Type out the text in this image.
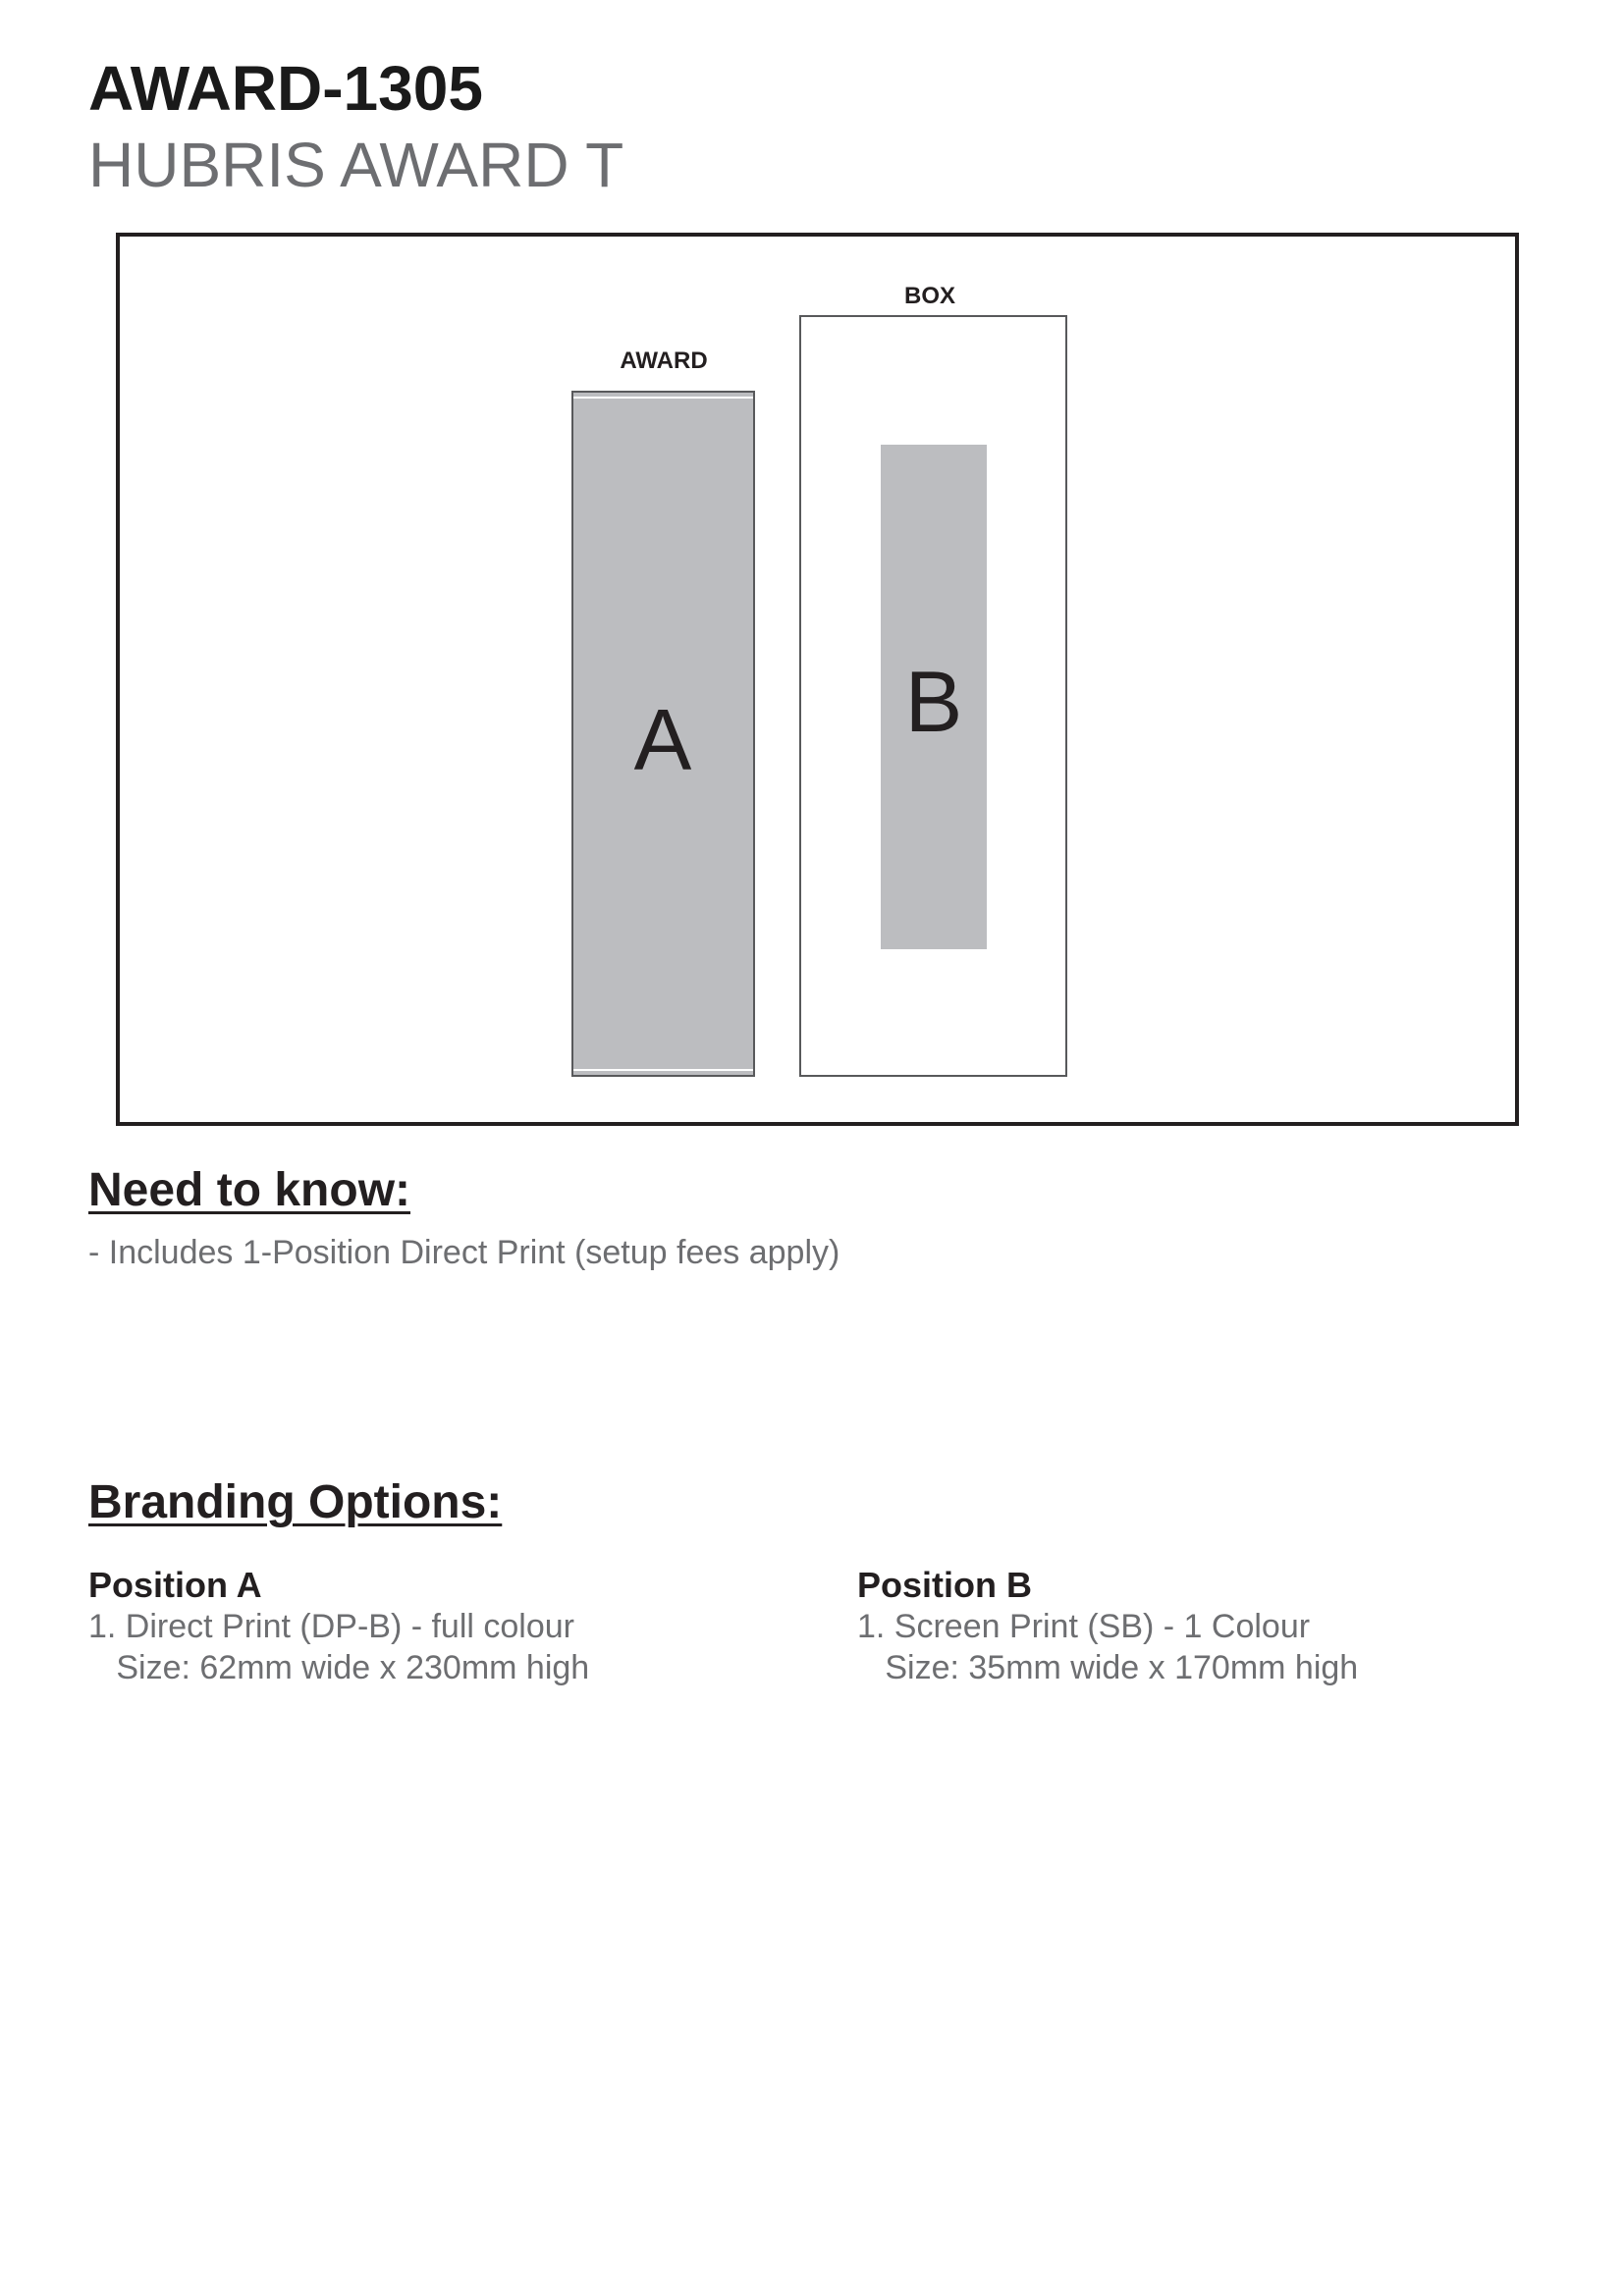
AWARD-1305
HUBRIS AWARD T
AWARD
BOX
A	B
Need to know:
- Includes 1-Position Direct Print (setup fees apply)
Branding Options:
Position A
1. Direct Print (DP-B) - full colour
Size: 62mm wide x 230mm high
Position B
1. Screen Print (SB) - 1 Colour
Size: 35mm wide x 170mm high
